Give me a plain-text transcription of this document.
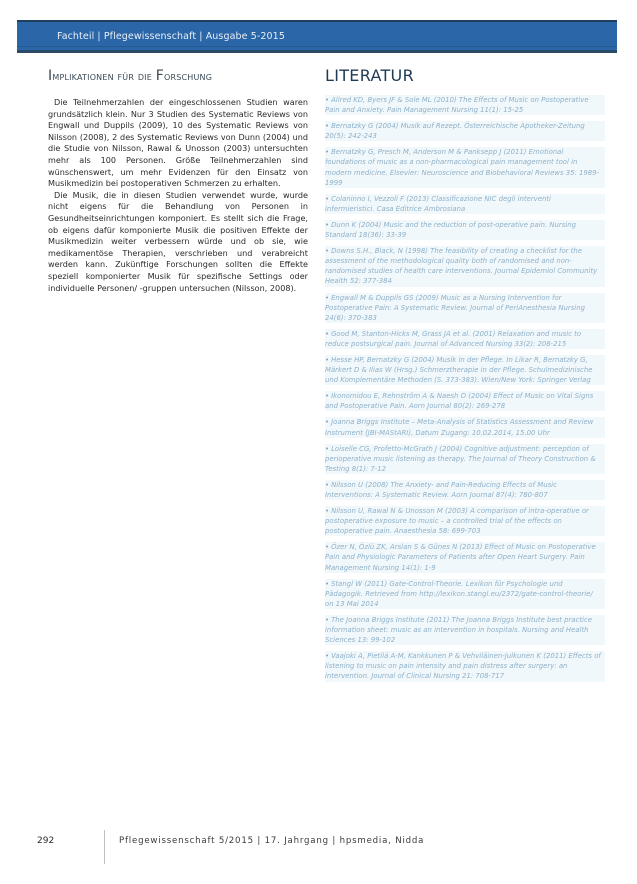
Fachteil | Pflegewissenschaft | Ausgabe 5-2015
Implikationen für die Forschung

Die Teilnehmerzahlen der eingeschlossenen Studien waren grundsätzlich klein. Nur 3 Studien des Systematic Reviews von Engwall und Duppils (2009), 10 des Systematic Reviews von Nilsson (2008), 2 des Systematic Reviews von Dunn (2004) und die Studie von Nilsson, Rawal & Unosson (2003) untersuchten mehr als 100 Personen. Größe Teilnehmerzahlen sind wünschenswert, um mehr Evidenzen für den Einsatz von Musikmedizin bei postoperativen Schmerzen zu erhalten.

Die Musik, die in diesen Studien verwendet wurde, wurde nicht eigens für die Behandlung von Personen in Gesundheitseinrichtungen komponiert. Es stellt sich die Frage, ob eigens dafür komponierte Musik die positiven Effekte der Musikmedizin weiter verbessern würde und ob sie, wie medikamentöse Therapien, verschrieben und verabreicht werden kann. Zukünftige Forschungen sollten die Effekte speziell komponierter Musik für spezifische Settings oder individuelle Personen/ -gruppen untersuchen (Nilsson, 2008).

LITERATUR
• Allred KD, Byers JF & Sole ML (2010) The Effects of Music on Postoperative Pain and Anxiety. Pain Management Nursing 11(1): 15-25
• Bernatzky G (2004) Musik auf Rezept. Österreichische Apotheker-Zeitung 20(5): 242-243
• Bernatzky G, Presch M, Anderson M & Panksepp J (2011) Emotional foundations of music as a non-pharmacological pain management tool in modern medicine. Elsevier: Neuroscience and Biobehavioral Reviews 35: 1989-1999
• Colaninno I, Vezzoli F (2013) Classificazione NIC degli interventi infermieristici. Casa Editrice Ambrosiana
• Dunn K (2004) Music and the reduction of post-operative pain. Nursing Standard 18(36): 33-39
• Downs S.H., Black, N (1998) The feasibility of creating a checklist for the assessment of the methodological quality both of randomised and non-randomised studies of health care interventions. Journal Epidemiol Community Health 52: 377-384
• Engwall M & Duppils GS (2009) Music as a Nursing Intervention for Postoperative Pain: A Systematic Review. Journal of PeriAnesthesia Nursing 24(6): 370-383
• Good M, Stanton-Hicks M, Grass JA et al. (2001) Relaxation and music to reduce postsurgical pain. Journal of Advanced Nursing 33(2): 208-215
• Hesse HP, Bernatzky G (2004) Musik in der Pflege. In Likar R, Bernatzky G, Märkert D & Ilias W (Hrsg.) Schmerztherapie in der Pflege. Schulmedizinische und Komplementäre Methoden (S. 373-383). Wien/New York: Springer Verlag
• Ikonomidou E, Rehnström A & Naesh O (2004) Effect of Music on Vital Signs and Postoperative Pain. Aorn Journal 80(2): 269-278
• Joanna Briggs Institute – Meta-Analysis of Statistics Assessment and Review Instrument (JBI-MAStARI), Datum Zugang: 10.02.2014, 15.00 Uhr
• Loiselle CG, Profetto-McGrath J (2004) Cognitive adjustment: perception of perioperative music listening as therapy. The Journal of Theory Construction & Testing 8(1): 7-12
• Nilsson U (2008) The Anxiety- and Pain-Reducing Effects of Music Interventions: A Systematic Review. Aorn Journal 87(4): 780-807
• Nilsson U, Rawal N & Unosson M (2003) A comparison of intra-operative or postoperative exposure to music – a controlled trial of the effects on postoperative pain. Anaesthesia 58: 699-703
• Özer N, Özlü ZK, Arslan S & Günes N (2013) Effect of Music on Postoperative Pain and Physiologic Parameters of Patients after Open Heart Surgery. Pain Management Nursing 14(1): 1-9
• Stangl W (2011) Gate-Control-Theorie. Lexikon für Psychologie und Pädagogik. Retrieved from http://lexikon.stangl.eu/2372/gate-control-theorie/ on 13 Mai 2014
• The Joanna Briggs Institute (2011) The Joanna Briggs Institute best practice information sheet: music as an intervention in hospitals. Nursing and Health Sciences 13: 99-102
• Vaajoki A, Pietilä A-M, Kankkunen P & Vehviläinen-Julkunen K (2011) Effects of listening to music on pain intensity and pain distress after surgery: an intervention. Journal of Clinical Nursing 21: 708-717
292	Pflegewissenschaft 5/2015 | 17. Jahrgang | hpsmedia, Nidda
